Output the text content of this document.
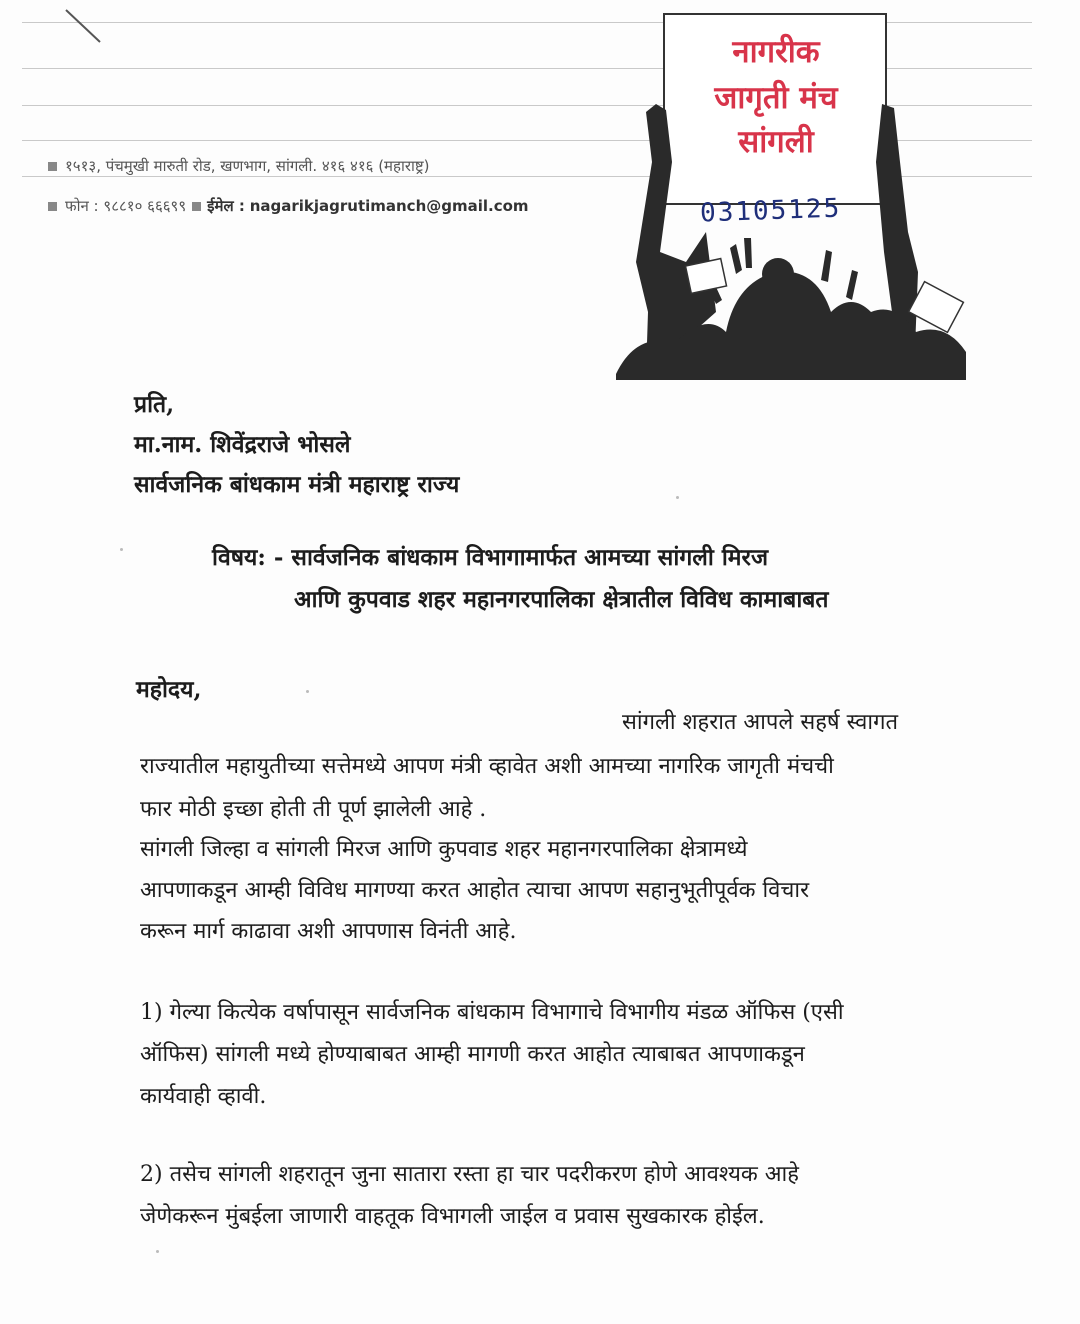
१५१३, पंचमुखी मारुती रोड, खणभाग, सांगली. ४१६ ४१६ (महाराष्ट्र)
फोन : ९८८१० ६६६९९ ईमेल : nagarikjagrutimanch@gmail.com
नागरीक
जागृती मंच
सांगली
03105125
प्रति,
मा.नाम. शिवेंद्रराजे भोसले
सार्वजनिक बांधकाम मंत्री महाराष्ट्र राज्य
विषय: - सार्वजनिक बांधकाम विभागामार्फत आमच्या सांगली मिरज
आणि कुपवाड शहर महानगरपालिका क्षेत्रातील विविध कामाबाबत
महोदय,
सांगली शहरात आपले सहर्ष स्वागत
राज्यातील महायुतीच्या सत्तेमध्ये आपण मंत्री व्हावेत अशी आमच्या नागरिक जागृती मंचची
फार मोठी इच्छा होती ती पूर्ण झालेली आहे .
सांगली जिल्हा व सांगली मिरज आणि कुपवाड शहर महानगरपालिका क्षेत्रामध्ये
आपणाकडून आम्ही विविध मागण्या करत आहोत त्याचा आपण सहानुभूतीपूर्वक विचार
करून मार्ग काढावा अशी आपणास विनंती आहे.
1) गेल्या कित्येक वर्षापासून सार्वजनिक बांधकाम विभागाचे विभागीय मंडळ ऑफिस (एसी
ऑफिस) सांगली मध्ये होण्याबाबत आम्ही मागणी करत आहोत त्याबाबत आपणाकडून
कार्यवाही व्हावी.
2) तसेच सांगली शहरातून जुना सातारा रस्ता हा चार पदरीकरण होणे आवश्यक आहे
जेणेकरून मुंबईला जाणारी वाहतूक विभागली जाईल व प्रवास सुखकारक होईल.
